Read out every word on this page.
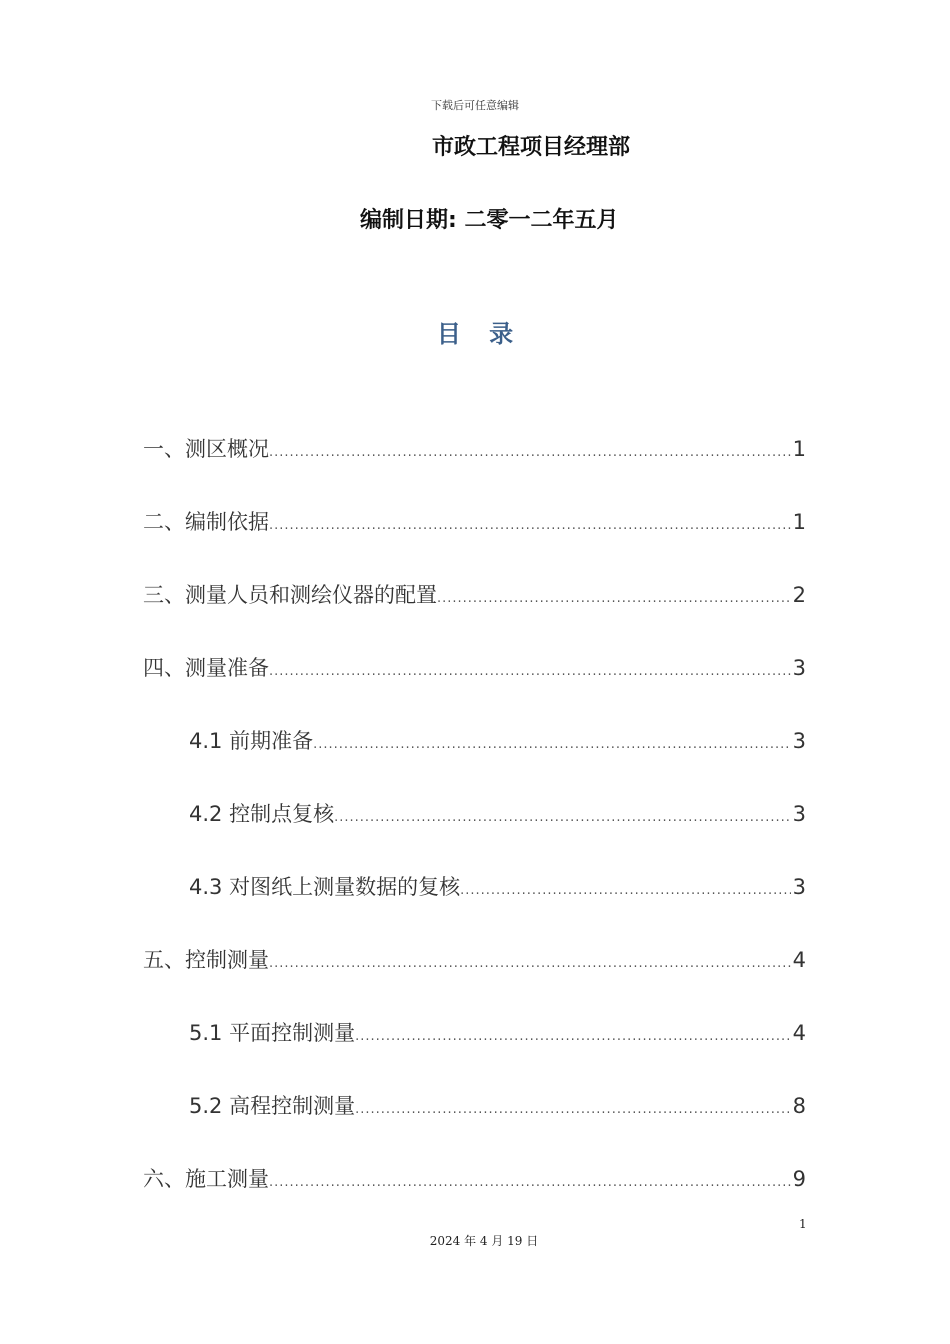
下载后可任意编辑
市政工程项目经理部
编制日期: 二零一二年五月
目 录
一、测区概况 .....	1
二、编制依据 .....	1
三、测量人员和测绘仪器的配置 .....	2
四、测量准备 .....	3
4.1 前期准备 .....	3
4.2 控制点复核 .....	3
4.3 对图纸上测量数据的复核 .....	3
五、控制测量 .....	4
5.1 平面控制测量 .....	4
5.2 高程控制测量 .....	8
六、施工测量 .....	9
1
2024 年 4 月 19 日
